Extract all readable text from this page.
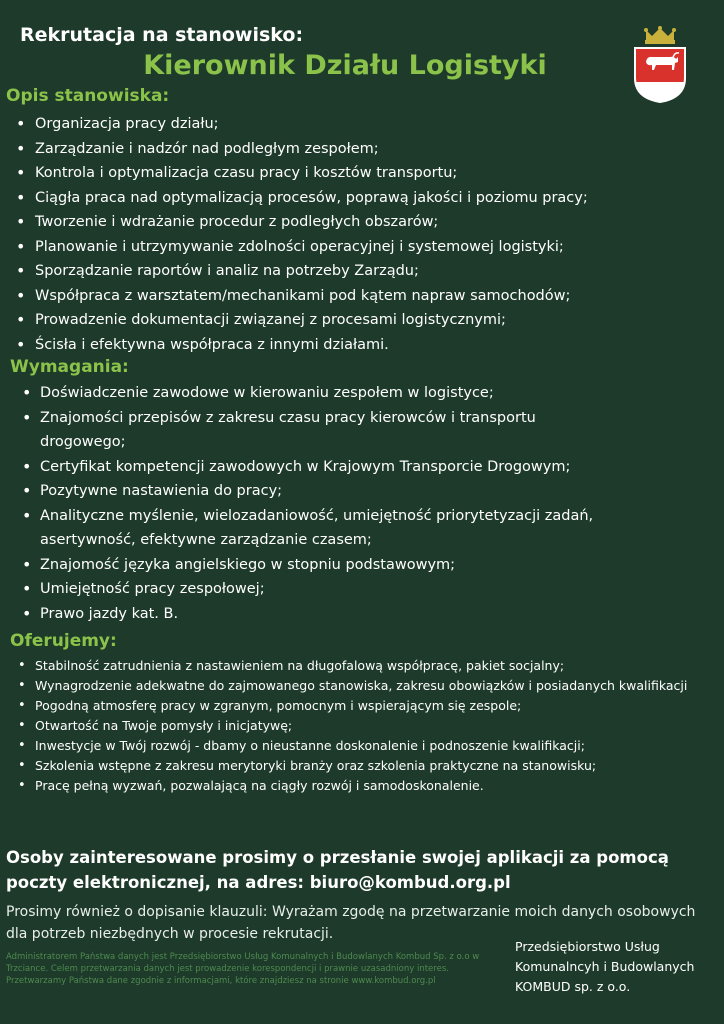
Rekrutacja na stanowisko:
Kierownik Działu Logistyki
Opis stanowiska:
• Organizacja pracy działu;
• Zarządzanie i nadzór nad podległym zespołem;
• Kontrola i optymalizacja czasu pracy i kosztów transportu;
• Ciągła praca nad optymalizacją procesów, poprawą jakości i poziomu pracy;
• Tworzenie i wdrażanie procedur z podległych obszarów;
• Planowanie i utrzymywanie zdolności operacyjnej i systemowej logistyki;
• Sporządzanie raportów i analiz na potrzeby Zarządu;
• Współpraca z warsztatem/mechanikami pod kątem napraw samochodów;
• Prowadzenie dokumentacji związanej z procesami logistycznymi;
• Ścisła i efektywna współpraca z innymi działami.
Wymagania:
• Doświadczenie zawodowe w kierowaniu zespołem w logistyce;
• Znajomości przepisów z zakresu czasu pracy kierowców i transportu drogowego;
• Certyfikat kompetencji zawodowych w Krajowym Transporcie Drogowym;
• Pozytywne nastawienia do pracy;
• Analityczne myślenie, wielozadaniowość, umiejętność priorytetyzacji zadań, asertywność, efektywne zarządzanie czasem;
• Znajomość języka angielskiego w stopniu podstawowym;
• Umiejętność pracy zespołowej;
• Prawo jazdy kat. B.
Oferujemy:
• Stabilność zatrudnienia z nastawieniem na długofalową współpracę, pakiet socjalny;
• Wynagrodzenie adekwatne do zajmowanego stanowiska, zakresu obowiązków i posiadanych kwalifikacji
• Pogodną atmosferę pracy w zgranym, pomocnym i wspierającym się zespole;
• Otwartość na Twoje pomysły i inicjatywę;
• Inwestycje w Twój rozwój - dbamy o nieustanne doskonalenie i podnoszenie kwalifikacji;
• Szkolenia wstępne z zakresu merytoryki branży oraz szkolenia praktyczne na stanowisku;
• Pracę pełną wyzwań, pozwalającą na ciągły rozwój i samodoskonalenie.
Osoby zainteresowane prosimy o przesłanie swojej aplikacji za pomocą poczty elektronicznej, na adres: biuro@kombud.org.pl
Prosimy również o dopisanie klauzuli: Wyrażam zgodę na przetwarzanie moich danych osobowych dla potrzeb niezbędnych w procesie rekrutacji.
Administratorem Państwa danych jest Przedsiębiorstwo Usług Komunalnych i Budowlanych Kombud Sp. z o.o w Trzciance. Celem przetwarzania danych jest prowadzenie korespondencji i prawnie uzasadniony interes. Przetwarzamy Państwa dane zgodnie z informacjami, które znajdziesz na stronie www.kombud.org.pl
Przedsiębiorstwo Usług
Komunalncyh i Budowlanych
KOMBUD sp. z o.o.
